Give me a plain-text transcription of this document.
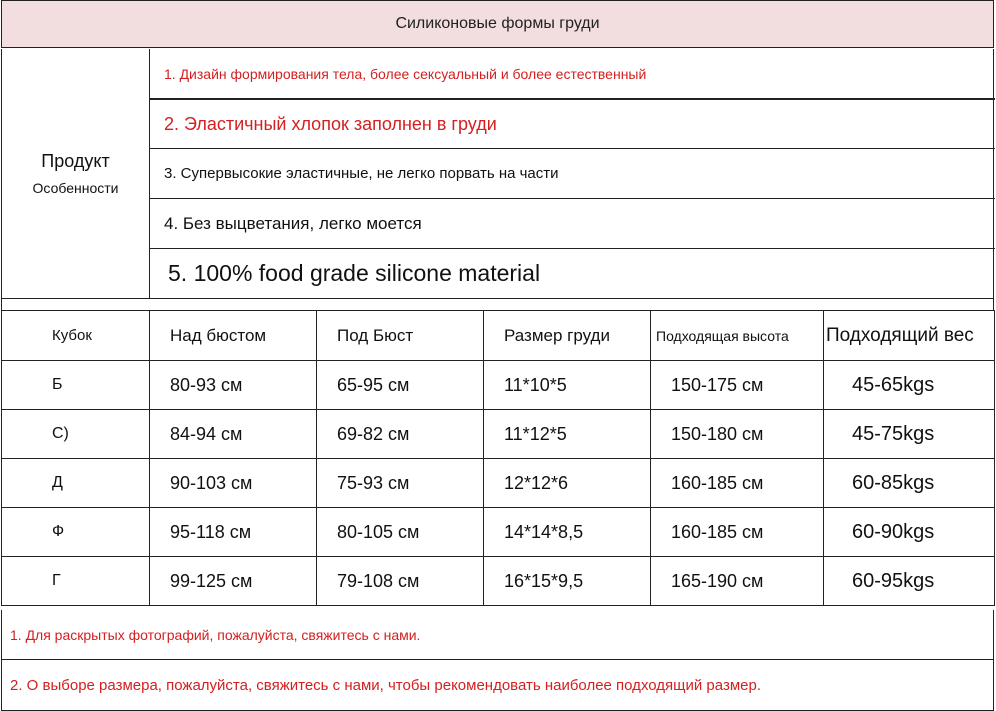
Силиконовые формы груди
Продукт
Особенности
1. Дизайн формирования тела, более сексуальный и более естественный
2. Эластичный хлопок заполнен в груди
3. Супервысокие эластичные, не легко порвать на части
4. Без выцветания, легко моется
5. 100% food grade silicone material
Кубок	Над бюстом	Под Бюст	Размер груди	Подходящая высота	Подходящий вес
Б	80-93 см	65-95 см	11*10*5	150-175 см	45-65kgs
C)	84-94 см	69-82 см	11*12*5	150-180 см	45-75kgs
Д	90-103 см	75-93 см	12*12*6	160-185 см	60-85kgs
Ф	95-118 см	80-105 см	14*14*8,5	160-185 см	60-90kgs
Г	99-125 см	79-108 см	16*15*9,5	165-190 см	60-95kgs
1. Для раскрытых фотографий, пожалуйста, свяжитесь с нами.
2. О выборе размера, пожалуйста, свяжитесь с нами, чтобы рекомендовать наиболее подходящий размер.
